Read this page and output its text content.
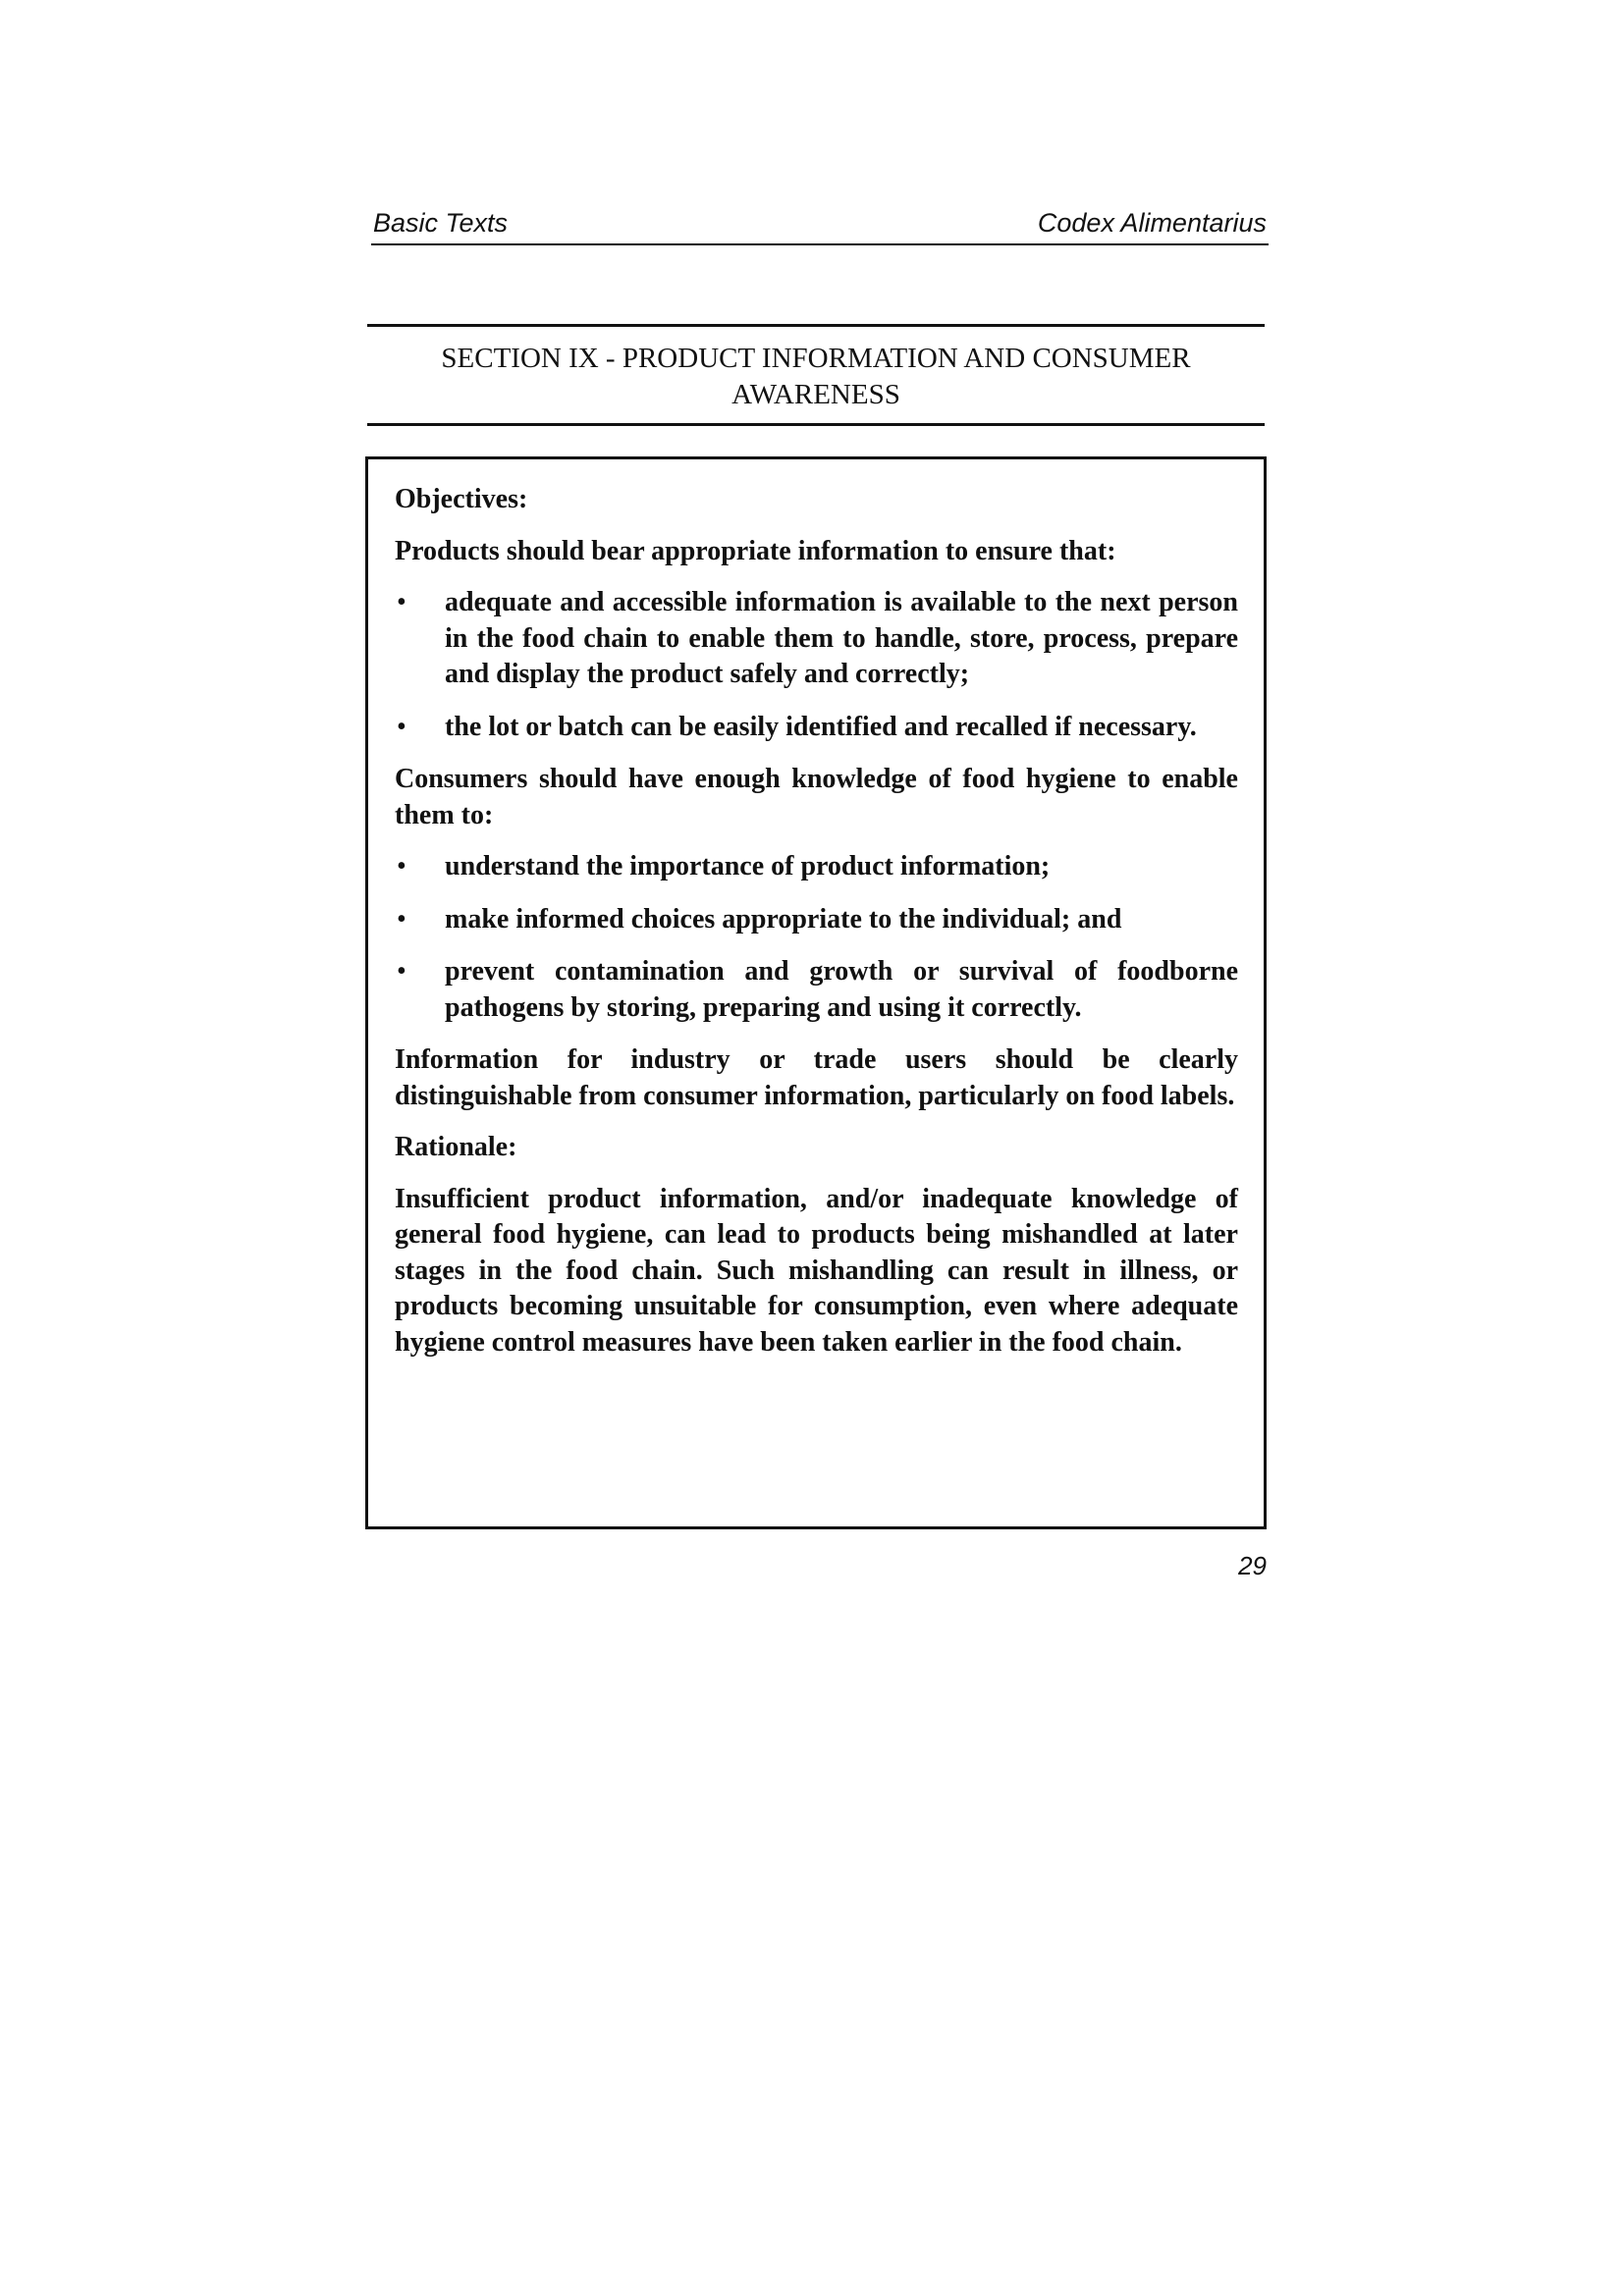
Basic Texts	Codex Alimentarius
SECTION IX - PRODUCT INFORMATION AND CONSUMER AWARENESS

Objectives:

Products should bear appropriate information to ensure that:

• adequate and accessible information is available to the next person in the food chain to enable them to handle, store, process, prepare and display the product safely and correctly;
• the lot or batch can be easily identified and recalled if necessary.

Consumers should have enough knowledge of food hygiene to enable them to:

• understand the importance of product information;
• make informed choices appropriate to the individual; and
• prevent contamination and growth or survival of foodborne pathogens by storing, preparing and using it correctly.

Information for industry or trade users should be clearly distinguishable from consumer information, particularly on food labels.

Rationale:

Insufficient product information, and/or inadequate knowledge of general food hygiene, can lead to products being mishandled at later stages in the food chain. Such mishandling can result in illness, or products becoming unsuitable for consumption, even where adequate hygiene control measures have been taken earlier in the food chain.

29
